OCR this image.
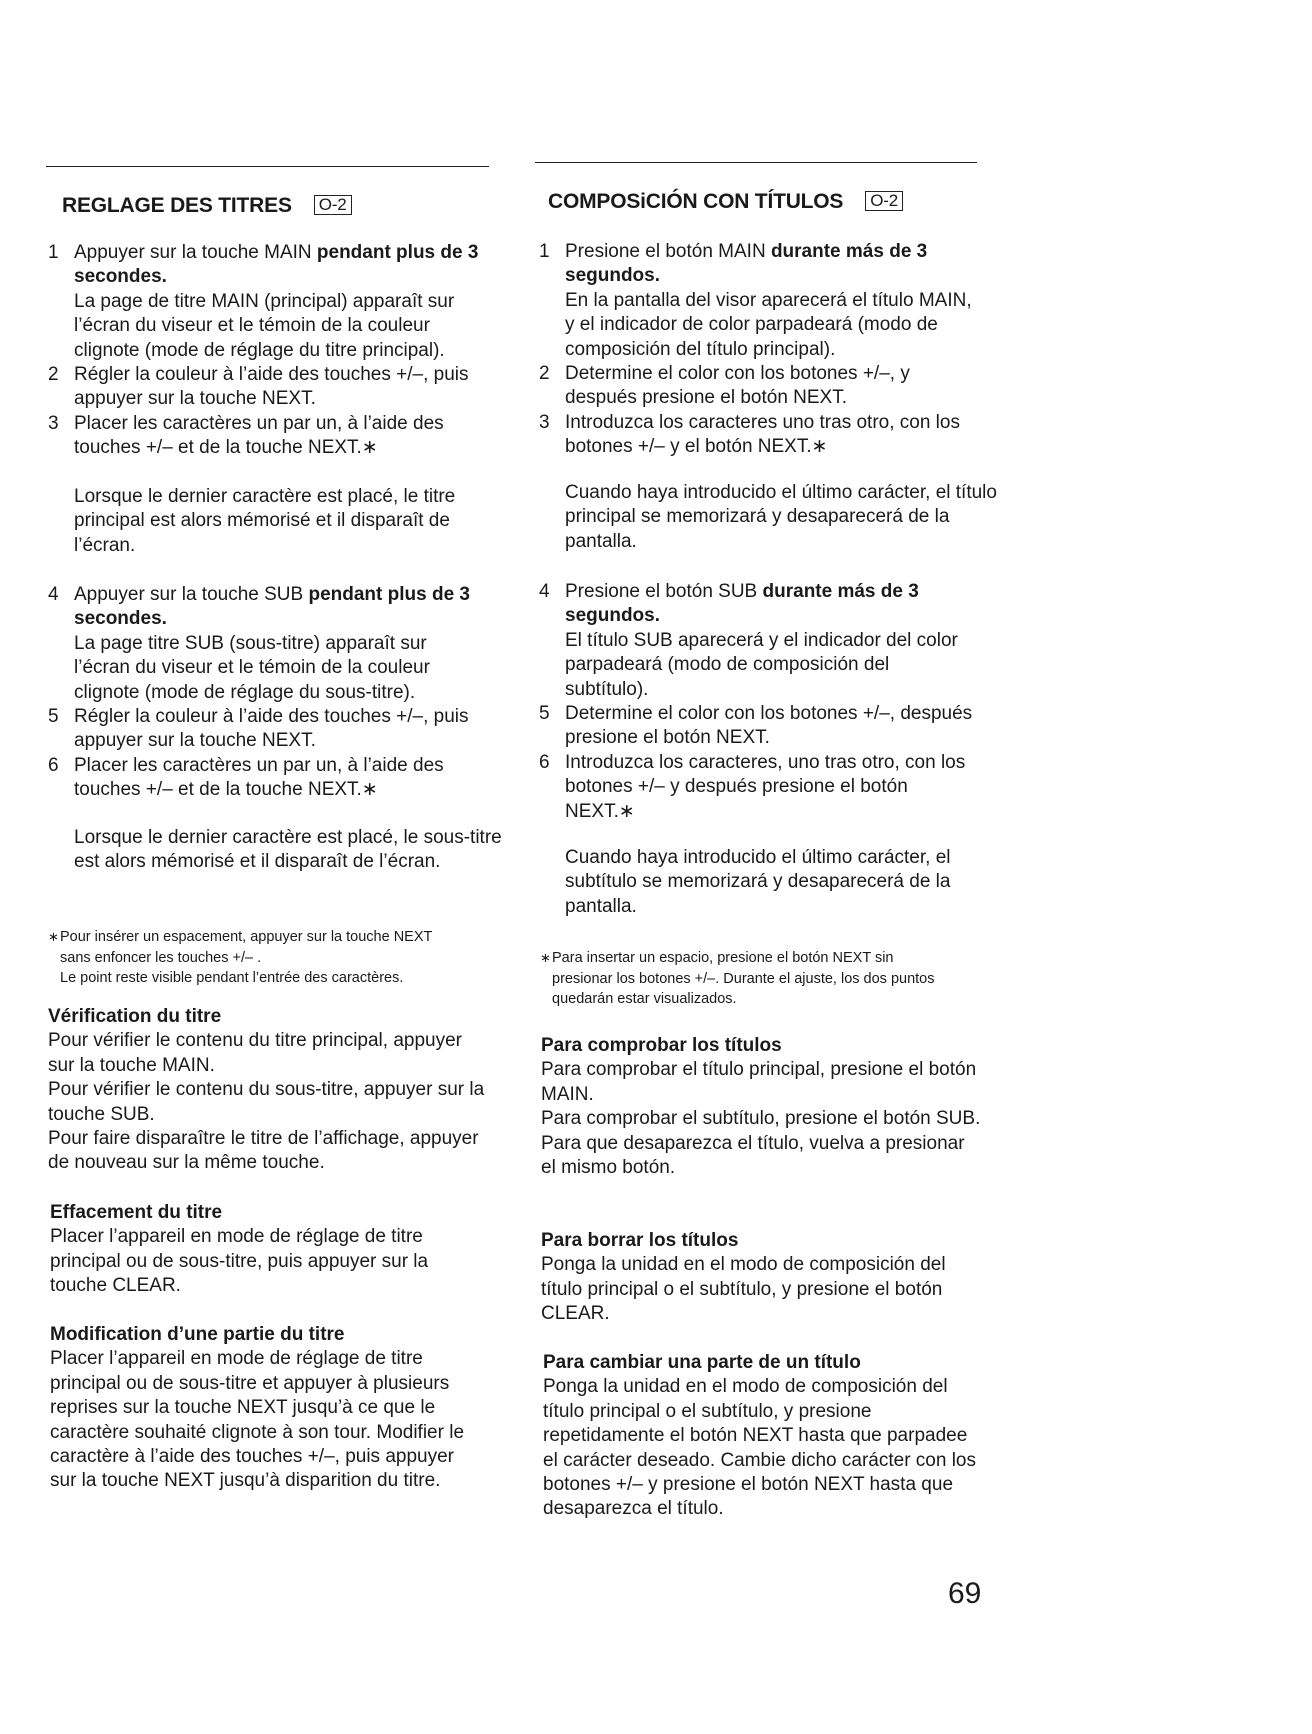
REGLAGE DES TITRES O-2	COMPOSiCIÓN CON TÍTULOS O-2
1 Appuyer sur la touche MAIN pendant plus de 3 secondes.

La page de titre MAIN (principal) apparaît sur l’écran du viseur et le témoin de la couleur clignote (mode de réglage du titre principal).

2 Régler la couleur à l’aide des touches +/–, puis appuyer sur la touche NEXT.

3 Placer les caractères un par un, à l’aide des touches +/– et de la touche NEXT.∗

Lorsque le dernier caractère est placé, le titre principal est alors mémorisé et il disparaît de l’écran.

4 Appuyer sur la touche SUB pendant plus de 3 secondes.

La page titre SUB (sous-titre) apparaît sur l’écran du viseur et le témoin de la couleur clignote (mode de réglage du sous-titre).

5 Régler la couleur à l’aide des touches +/–, puis appuyer sur la touche NEXT.

6 Placer les caractères un par un, à l’aide des touches +/– et de la touche NEXT.∗

Lorsque le dernier caractère est placé, le sous-titre est alors mémorisé et il disparaît de l’écran.

∗ Pour insérer un espacement, appuyer sur la touche NEXT sans enfoncer les touches +/– .

Le point reste visible pendant l’entrée des caractères.

Vérification du titre

Pour vérifier le contenu du titre principal, appuyer sur la touche MAIN.

Pour vérifier le contenu du sous-titre, appuyer sur la touche SUB.

Pour faire disparaître le titre de l’affichage, appuyer de nouveau sur la même touche.

Effacement du titre

Placer l’appareil en mode de réglage de titre principal ou de sous-titre, puis appuyer sur la touche CLEAR.

Modification d’une partie du titre

Placer l’appareil en mode de réglage de titre principal ou de sous-titre et appuyer à plusieurs reprises sur la touche NEXT jusqu’à ce que le caractère souhaité clignote à son tour. Modifier le caractère à l’aide des touches +/–, puis appuyer sur la touche NEXT jusqu’à disparition du titre.

1 Presione el botón MAIN durante más de 3 segundos.

En la pantalla del visor aparecerá el título MAIN, y el indicador de color parpadeará (modo de composición del título principal).

2 Determine el color con los botones +/–, y después presione el botón NEXT.

3 Introduzca los caracteres uno tras otro, con los botones +/– y el botón NEXT.∗

Cuando haya introducido el último carácter, el título principal se memorizará y desaparecerá de la pantalla.

4 Presione el botón SUB durante más de 3 segundos.

El título SUB aparecerá y el indicador del color parpadeará (modo de composición del subtítulo).

5 Determine el color con los botones +/–, después presione el botón NEXT.

6 Introduzca los caracteres, uno tras otro, con los botones +/– y después presione el botón NEXT.∗

Cuando haya introducido el último carácter, el subtítulo se memorizará y desaparecerá de la pantalla.

∗ Para insertar un espacio, presione el botón NEXT sin presionar los botones +/–. Durante el ajuste, los dos puntos quedarán estar visualizados.

Para comprobar los títulos

Para comprobar el título principal, presione el botón MAIN.

Para comprobar el subtítulo, presione el botón SUB.

Para que desaparezca el título, vuelva a presionar el mismo botón.

Para borrar los títulos

Ponga la unidad en el modo de composición del título principal o el subtítulo, y presione el botón CLEAR.

Para cambiar una parte de un título

Ponga la unidad en el modo de composición del título principal o el subtítulo, y presione repetidamente el botón NEXT hasta que parpadee el carácter deseado. Cambie dicho carácter con los botones +/– y presione el botón NEXT hasta que desaparezca el título.

69
